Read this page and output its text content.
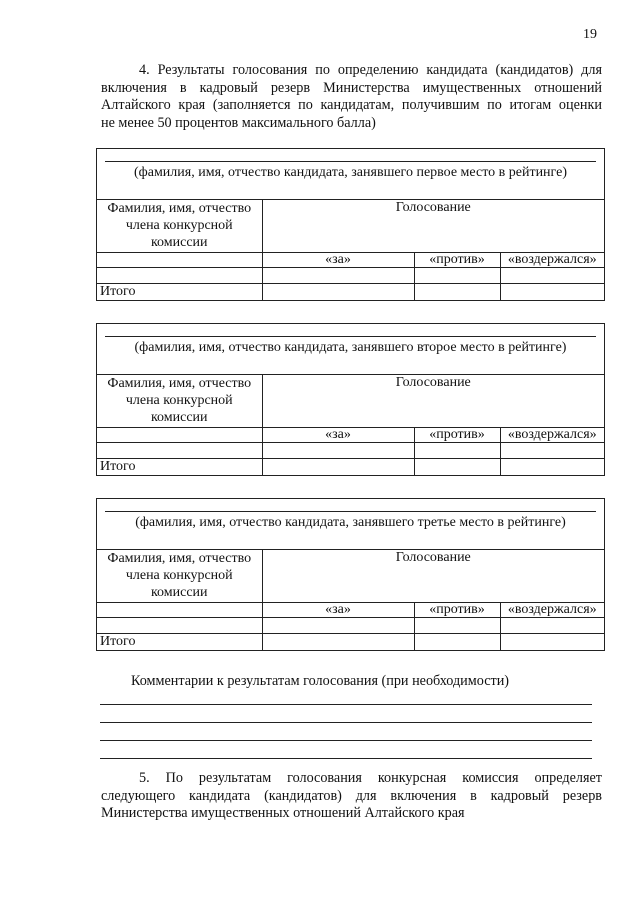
19
4. Результаты голосования по определению кандидата (кандидатов) для
включения в кадровый резерв Министерства имущественных отношений
Алтайского края (заполняется по кандидатам, получившим по итогам оценки
не менее 50 процентов максимального балла)
(фамилия, имя, отчество кандидата, занявшего первое место в рейтинге)
Фамилия, имя, отчество члена конкурсной комиссии	Голосование		
	«за»	«против»	«воздержался»

Итого			
(фамилия, имя, отчество кандидата, занявшего второе место в рейтинге)
Фамилия, имя, отчество члена конкурсной комиссии	Голосование		
	«за»	«против»	«воздержался»

Итого			
(фамилия, имя, отчество кандидата, занявшего третье место в рейтинге)
Фамилия, имя, отчество члена конкурсной комиссии	Голосование		
	«за»	«против»	«воздержался»

Итого			

Комментарии к результатам голосования (при необходимости)

5. По результатам голосования конкурсная комиссия определяет
следующего кандидата (кандидатов) для включения в кадровый резерв
Министерства имущественных отношений Алтайского края
